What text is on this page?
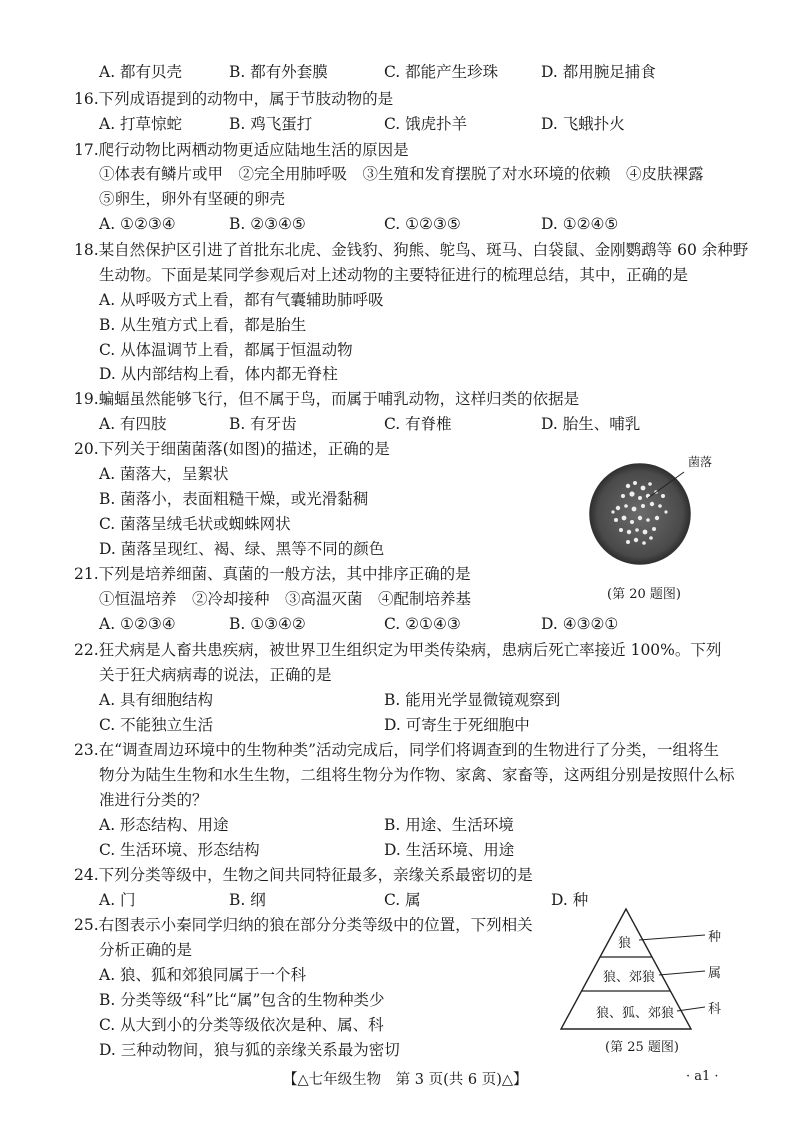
A. 都有贝壳	B. 都有外套膜	C. 都能产生珍珠	D. 都用腕足捕食
16.下列成语提到的动物中，属于节肢动物的是
A. 打草惊蛇	B. 鸡飞蛋打	C. 饿虎扑羊	D. 飞蛾扑火
17.爬行动物比两栖动物更适应陆地生活的原因是
①体表有鳞片或甲　②完全用肺呼吸　③生殖和发育摆脱了对水环境的依赖　④皮肤裸露
⑤卵生，卵外有坚硬的卵壳
A. ①②③④	B. ②③④⑤	C. ①②③⑤	D. ①②④⑤
18.某自然保护区引进了首批东北虎、金钱豹、狗熊、鸵鸟、斑马、白袋鼠、金刚鹦鹉等 60 余种野
生动物。下面是某同学参观后对上述动物的主要特征进行的梳理总结，其中，正确的是
A. 从呼吸方式上看，都有气囊辅助肺呼吸
B. 从生殖方式上看，都是胎生
C. 从体温调节上看，都属于恒温动物
D. 从内部结构上看，体内都无脊柱
19.蝙蝠虽然能够飞行，但不属于鸟，而属于哺乳动物，这样归类的依据是
A. 有四肢	B. 有牙齿	C. 有脊椎	D. 胎生、哺乳
20.下列关于细菌菌落(如图)的描述，正确的是
A. 菌落大，呈絮状
B. 菌落小，表面粗糙干燥，或光滑黏稠
C. 菌落呈绒毛状或蜘蛛网状
D. 菌落呈现红、褐、绿、黑等不同的颜色
菌落
(第 20 题图)
21.下列是培养细菌、真菌的一般方法，其中排序正确的是
①恒温培养　②冷却接种　③高温灭菌　④配制培养基
A. ①②③④	B. ①③④②	C. ②①④③	D. ④③②①
22.狂犬病是人畜共患疾病，被世界卫生组织定为甲类传染病，患病后死亡率接近 100%。下列
关于狂犬病病毒的说法，正确的是
A. 具有细胞结构	B. 能用光学显微镜观察到
C. 不能独立生活	D. 可寄生于死细胞中
23.在“调查周边环境中的生物种类”活动完成后，同学们将调查到的生物进行了分类，一组将生
物分为陆生生物和水生生物，二组将生物分为作物、家禽、家畜等，这两组分别是按照什么标
准进行分类的？
A. 形态结构、用途	B. 用途、生活环境
C. 生活环境、形态结构	D. 生活环境、用途
24.下列分类等级中，生物之间共同特征最多，亲缘关系最密切的是
A. 门	B. 纲	C. 属	D. 种
25.右图表示小秦同学归纳的狼在部分分类等级中的位置，下列相关
分析正确的是
A. 狼、狐和郊狼同属于一个科
B. 分类等级“科”比“属”包含的生物种类少
C. 从大到小的分类等级依次是种、属、科
D. 三种动物间，狼与狐的亲缘关系最为密切
狼
狼、郊狼
狼、狐、郊狼
种
属
科
(第 25 题图)
【△七年级生物　第 3 页(共 6 页)△】	· a1 ·
